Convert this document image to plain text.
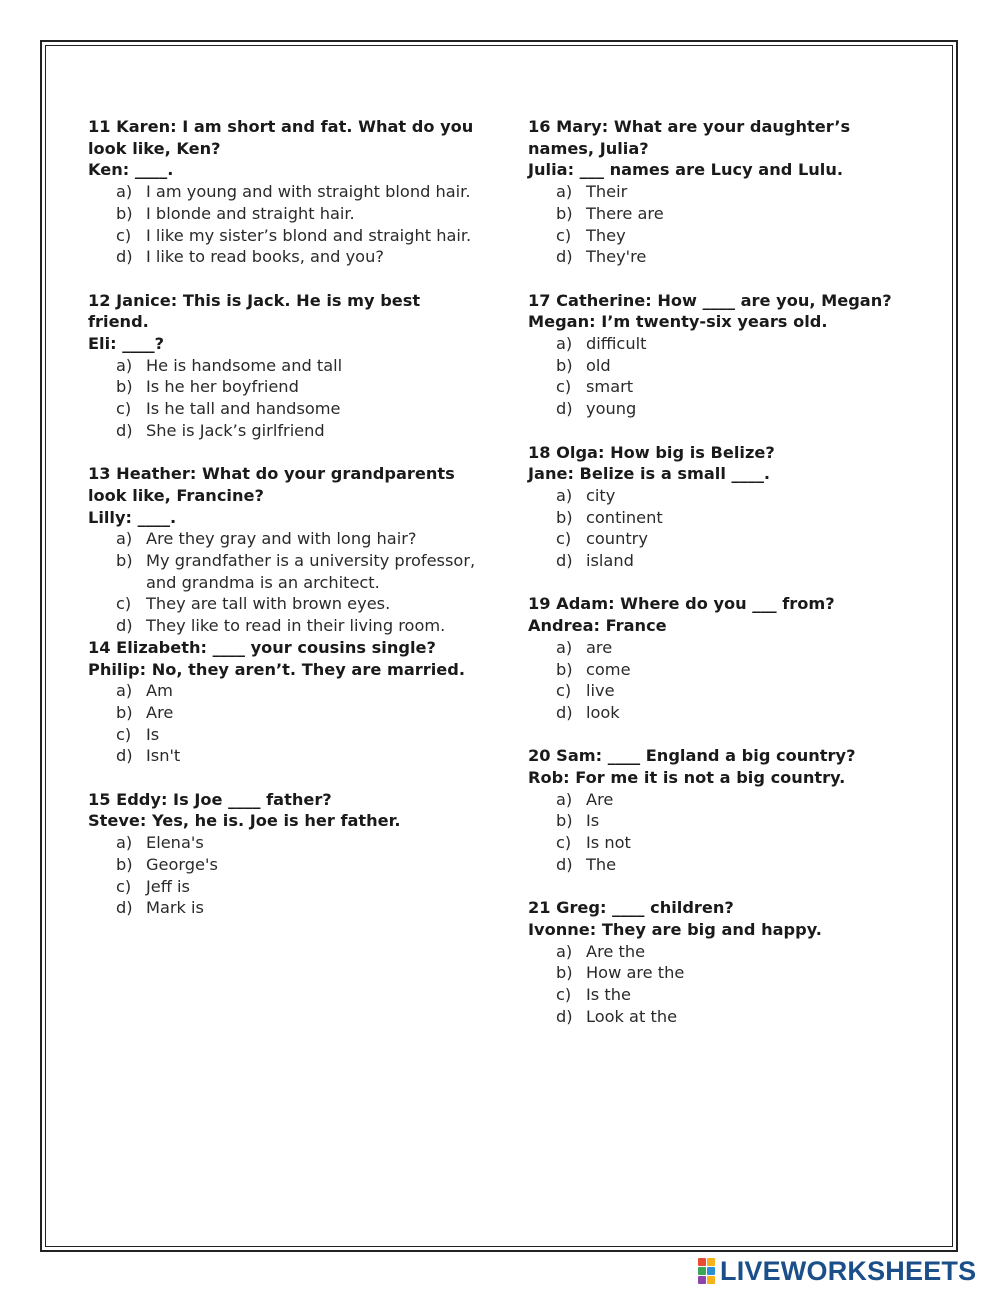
11 Karen: I am short and fat. What do you
look like, Ken?
Ken: ____.
a) I am young and with straight blond hair.
b) I blonde and straight hair.
c) I like my sister’s blond and straight hair.
d) I like to read books, and you?
12 Janice: This is Jack. He is my best
friend.
Eli: ____?
a) He is handsome and tall
b) Is he her boyfriend
c) Is he tall and handsome
d) She is Jack’s girlfriend
13 Heather: What do your grandparents
look like, Francine?
Lilly: ____.
a) Are they gray and with long hair?
b) My grandfather is a university professor,
and grandma is an architect.
c) They are tall with brown eyes.
d) They like to read in their living room.
14 Elizabeth: ____ your cousins single?
Philip: No, they aren’t. They are married.
a) Am
b) Are
c) Is
d) Isn't
15 Eddy: Is Joe ____ father?
Steve: Yes, he is. Joe is her father.
a) Elena's
b) George's
c) Jeff is
d) Mark is
16 Mary: What are your daughter’s
names, Julia?
Julia: ___ names are Lucy and Lulu.
a) Their
b) There are
c) They
d) They're
17 Catherine: How ____ are you, Megan?
Megan: I’m twenty-six years old.
a) difficult
b) old
c) smart
d) young
18 Olga: How big is Belize?
Jane: Belize is a small ____.
a) city
b) continent
c) country
d) island
19 Adam: Where do you ___ from?
Andrea: France
a) are
b) come
c) live
d) look
20 Sam: ____ England a big country?
Rob: For me it is not a big country.
a) Are
b) Is
c) Is not
d) The
21 Greg: ____ children?
Ivonne: They are big and happy.
a) Are the
b) How are the
c) Is the
d) Look at the
LIVEWORKSHEETS
